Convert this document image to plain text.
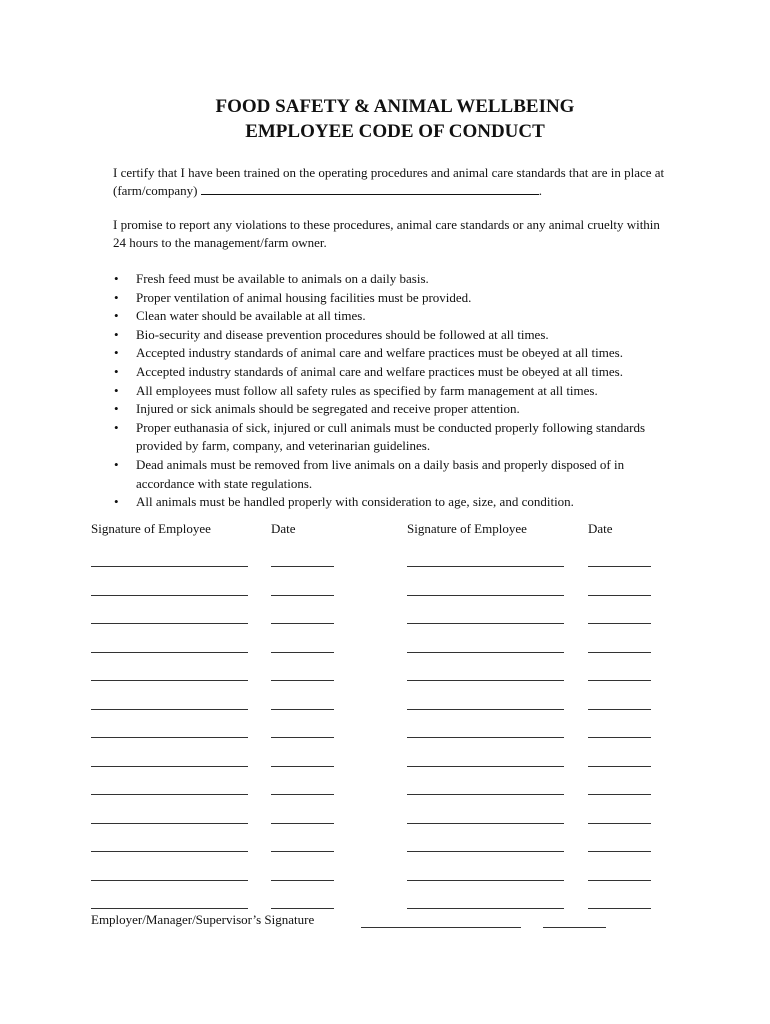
FOOD SAFETY & ANIMAL WELLBEING
EMPLOYEE CODE OF CONDUCT

I certify that I have been trained on the operating procedures and animal care standards that are in place at (farm/company)	.

I promise to report any violations to these procedures, animal care standards or any animal cruelty within 24 hours to the management/farm owner.

• Fresh feed must be available to animals on a daily basis.
• Proper ventilation of animal housing facilities must be provided.
• Clean water should be available at all times.
• Bio-security and disease prevention procedures should be followed at all times.
• Accepted industry standards of animal care and welfare practices must be obeyed at all times.
• Accepted industry standards of animal care and welfare practices must be obeyed at all times.
• All employees must follow all safety rules as specified by farm management at all times.
• Injured or sick animals should be segregated and receive proper attention.
• Proper euthanasia of sick, injured or cull animals must be conducted properly following standards provided by farm, company, and veterinarian guidelines.
• Dead animals must be removed from live animals on a daily basis and properly disposed of in accordance with state regulations.
• All animals must be handled properly with consideration to age, size, and condition.
Signature of Employee	Date	Signature of Employee	Date
Employer/Manager/Supervisor’s Signature
